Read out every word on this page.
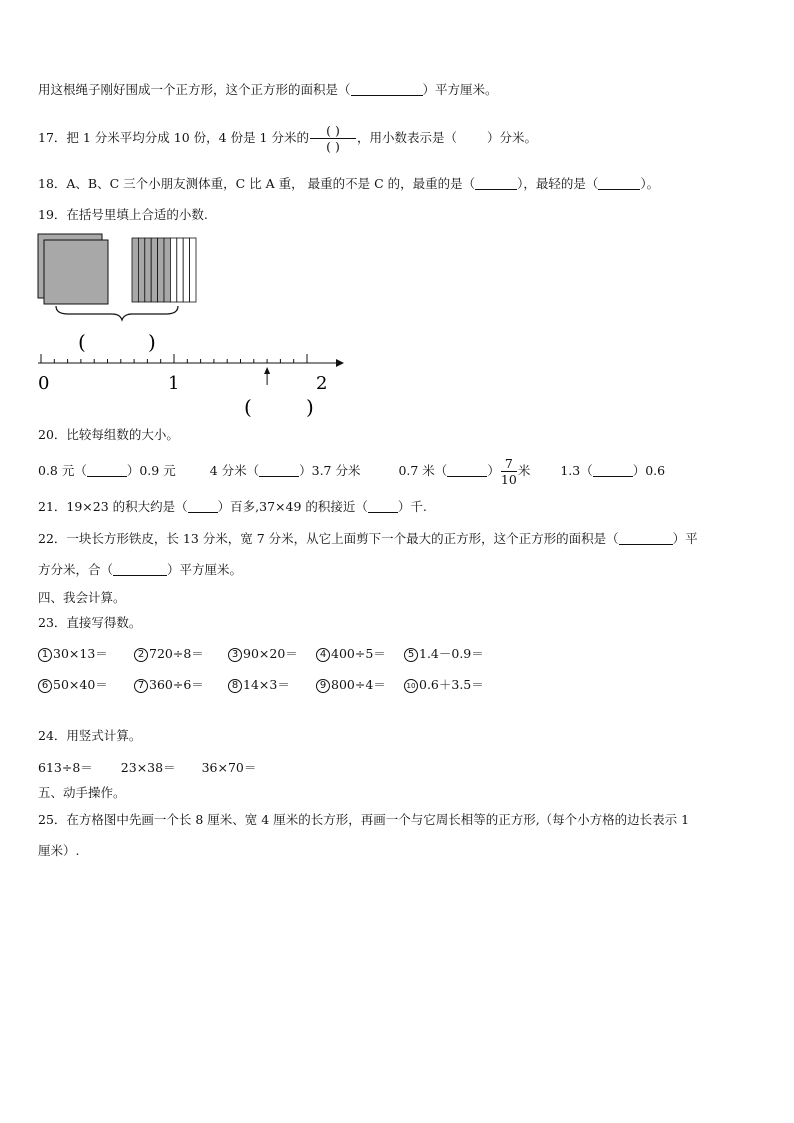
用这根绳子刚好围成一个正方形，这个正方形的面积是（	）平方厘米。
17．把 1 分米平均分成 10 份，4 份是 1 分米的 $\frac{( )}{( )}$ ，用小数表示是（ ）分米。
18．A、B、C 三个小朋友测体重，C 比 A 重， 最重的不是 C 的，最重的是（	），最轻的是（	）。
19．在括号里填上合适的小数.
(	)
0	1	2
(	)
20．比较每组数的大小。
0.8 元（	）0.9 元	4 分米（	）3.7 分米	0.7 米（	） $\frac{7}{10}$ 米 1.3（	）0.6
21．19×23 的积大约是（ ）百多,37×49 的积接近（ ）千.
22．一块长方形铁皮，长 13 分米，宽 7 分米，从它上面剪下一个最大的正方形，这个正方形的面积是（	）平
方分米，合（	）平方厘米。
四、我会计算。
23．直接写得数。
1 30×13＝	2 720÷8＝	3 90×20＝	4 400÷5＝	5 1.4－0.9＝
6 50×40＝	7 360÷6＝	8 14×3＝	9 800÷4＝	10 0.6＋3.5＝
24．用竖式计算。
613÷8＝ 23×38＝ 36×70＝
五、动手操作。
25．在方格图中先画一个长 8 厘米、宽 4 厘米的长方形，再画一个与它周长相等的正方形,（每个小方格的边长表示 1
厘米）.
